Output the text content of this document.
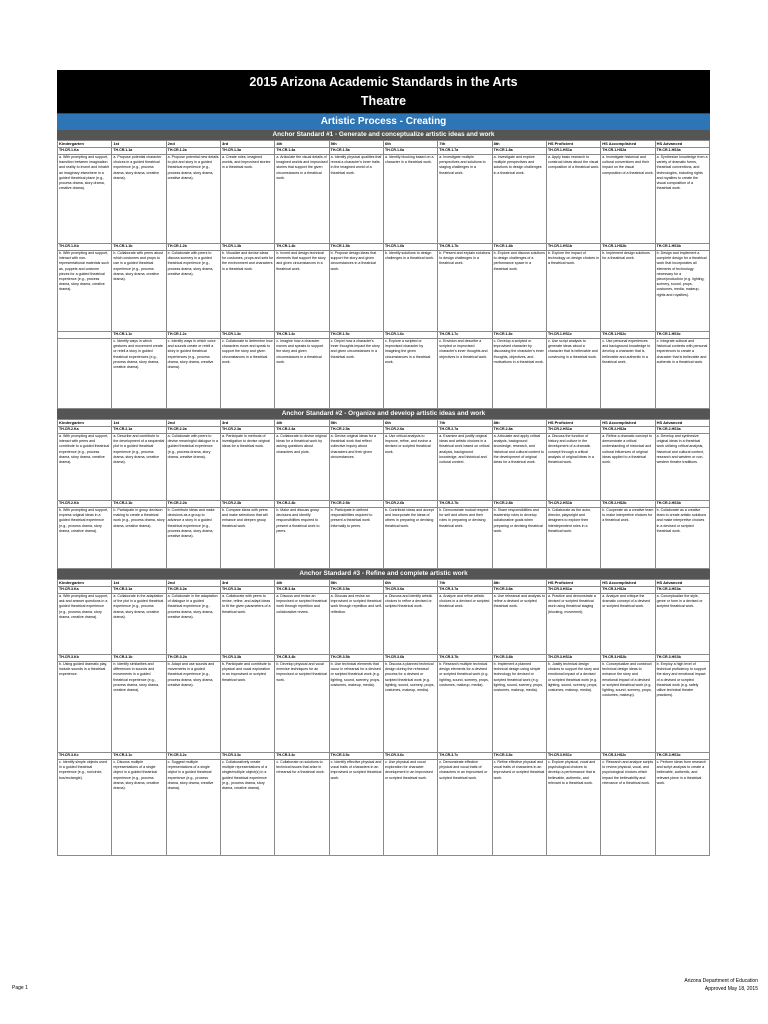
2015 Arizona Academic Standards in the Arts
Theatre
Artistic Process - Creating
Anchor Standard #1 - Generate and conceptualize artistic ideas and work
Kindergarten	1st	2nd	3rd	4th	5th	6th	7th	8th	HS Proficient	HS Accomplished	HS Advanced
TH.CR.1.Ka	TH.CR.1.1a	TH.CR.1.2a	TH.CR.1.3a	TH.CR.1.4a	TH.CR.1.5a	TH.CR.1.6a	TH.CR.1.7a	TH.CR.1.8a	TH.CR.1.HS1a	TH.CR.1.HS2a	TH.CR.1.HS3a
a. With prompting and support, transition between imagination and reality to invent and inhabit an imaginary elsewhere in a guided theatrical place (e.g., process drama, story drama, creative drama).	a. Propose potential character choices in a guided theatrical experience (e.g., process drama, story drama, creative drama).	a. Propose potential new details to plot and story in a guided theatrical experience (e.g., process drama, story drama, creative drama).	a. Create roles, imagined worlds, and improvised stories in a theatrical work.	a. Articulate the visual details of imagined worlds and improvised stories that support the given circumstances in a theatrical work.	a. Identify physical qualities that reveal a character's inner traits in the imagined world of a theatrical work.	a. Identify blocking based on a character in a theatrical work.	a. Investigate multiple perspectives and solutions to staging challenges in a theatrical work.	a. Investigate and explore multiple perspectives and solutions to design challenges in a theatrical work.	a. Apply basic research to construct ideas about the visual composition of a theatrical work.	a. Investigate historical and cultural conventions and their impact on the visual composition of a theatrical work.	a. Synthesize knowledge from a variety of dramatic forms, theatrical conventions, and technologies, including rights and royalties to create the visual composition of a theatrical work.
TH.CR.1.Kb	TH.CR.1.1b	TH.CR.1.2b	TH.CR.1.3b	TH.CR.1.4b	TH.CR.1.5b	TH.CR.1.6b	TH.CR.1.7b	TH.CR.1.8b	TH.CR.1.HS1b	TH.CR.1.HS2b	TH.CR.1.HS3b
b. With prompting and support, interact with non-representational materials such as, puppets and costume pieces for a guided theatrical experience (e.g., process drama, story drama, creative drama).	b. Collaborate with peers about which costumes and props to use in a guided theatrical experience (e.g., process drama, story drama, creative drama).	b. Collaborate with peers to discuss scenery in a guided theatrical experience (e.g., process drama, story drama, creative drama).	b. Visualize and devise ideas for costumes, props and sets for the environment and characters in a theatrical work.	b. Invent and design technical elements that support the story and given circumstances in a theatrical work.	b. Propose design ideas that support the story and given circumstances in a theatrical work.	b. Identify solutions to design challenges in a theatrical work.	b. Present and explain solutions to design challenges in a theatrical work.	b. Explore and discuss solutions to design challenges of a performance space in a theatrical work.	b. Explore the impact of technology on design choices in a theatrical work.	b. Implement design solutions for a theatrical work.	b. Design and implement a complete design for a theatrical work that incorporates all elements of technology necessary for a piece/production (e.g. lighting, scenery, sound, props, costumes, media, makeup, rights and royalties).
	TH.CR.1.1c	TH.CR.1.2c	TH.CR.1.3c	TH.CR.1.4c	TH.CR.1.5c	TH.CR.1.6c	TH.CR.1.7c	TH.CR.1.8c	TH.CR.1.HS1c	TH.CR.1.HS2c	TH.CR.1.HS3c
	c. Identify ways in which gestures and movement create or retell a story in guided theatrical experiences (e.g., process drama, story drama, creative drama).	c. Identify ways in which voice and sounds create or retell a story in guided theatrical experiences (e.g., process drama, story drama, creative drama).	c. Collaborate to determine how characters move and speak to support the story and given circumstances in a theatrical work.	c. Imagine how a character moves and speaks to support the story and given circumstances in a theatrical work.	c. Depict how a character's inner thoughts impact the story and given circumstances in a theatrical work.	c. Explore a scripted or improvised character by imagining the given circumstances in a theatrical work.	c. Envision and describe a scripted or improvised character's inner thoughts and objectives in a theatrical work.	c. Develop a scripted or improvised character by discussing the character's inner thoughts, objectives, and motivations in a theatrical work.	c. Use script analysis to generate ideas about a character that is believable and convincing in a theatrical work.	c. Use personal experiences and background knowledge to develop a character that is believable and authentic in a theatrical work.	c. Integrate cultural and historical contexts with personal experiences to create a character that is believable and authentic in a theatrical work.
Anchor Standard #2 - Organize and develop artistic ideas and work
Kindergarten	1st	2nd	3rd	4th	5th	6th	7th	8th	HS Proficient	HS Accomplished	HS Advanced
TH.CR.2.Ka	TH.CR.2.1a	TH.CR.2.2a	TH.CR.2.3a	TH.CR.2.4a	TH.CR.2.5a	TH.CR.2.6a	TH.CR.2.7a	TH.CR.2.8a	TH.CR.2.HS1a	TH.CR.2.HS2a	TH.CR.2.HS3a
a. With prompting and support, interact with peers and contribute to a guided theatrical experience (e.g., process drama, story drama, creative drama).	a. Describe and contribute to the development of a sequential plot in a guided theatrical experience (e.g., process drama, story drama, creative drama).	a. Collaborate with peers to devise meaningful dialogue in a guided theatrical experience (e.g., process drama, story drama, creative drama).	a. Participate in methods of investigation to devise original ideas for a theatrical work.	a. Collaborate to devise original ideas for a theatrical work by asking questions about characters and plots.	a. Devise original ideas for a theatrical work that reflect collective inquiry about characters and their given circumstances.	a. Use critical analysis to improve, refine, and evolve a devised or scripted theatrical work.	a. Examine and justify original ideas and artistic choices in a theatrical work based on critical analysis, background knowledge, and historical and cultural context.	a. Articulate and apply critical analysis, background knowledge, research, and historical and cultural context to the development of original ideas for a theatrical work.	a. Discuss the function of history and culture in the development of a dramatic concept through a critical analysis of original ideas in a theatrical work.	a. Refine a dramatic concept to demonstrate a critical understanding of historical and cultural influences of original ideas applied to a theatrical work.	a. Develop and synthesize original ideas in a theatrical work utilizing critical analysis, historical and cultural context, research and western or non-western theatre traditions.
TH.CR.2.Kb	TH.CR.2.1b	TH.CR.2.2b	TH.CR.2.3b	TH.CR.2.4b	TH.CR.2.5b	TH.CR.2.6b	TH.CR.2.7b	TH.CR.2.8b	TH.CR.2.HS1b	TH.CR.2.HS2b	TH.CR.2.HS3b
b. With prompting and support, express original ideas in a guided theatrical experience (e.g., process drama, story drama, creative drama).	b. Participate in group decision making to create a theatrical work (e.g., process drama, story drama, creative drama).	b. Contribute ideas and make decisions as a group to advance a story in a guided theatrical experience (e.g., process drama, story drama, creative drama).	b. Compare ideas with peers and make selections that will enhance and deepen group theatrical work.	b. Make and discuss group decisions and identify responsibilities required to present a theatrical work to peers.	b. Participate in defined responsibilities required to present a theatrical work informally to peers.	b. Contribute ideas and accept and incorporate the ideas of others in preparing or devising theatrical work.	b. Demonstrate mutual respect for self and others and their roles in preparing or devising theatrical work.	b. Share responsibilities and leadership roles to develop collaborative goals when preparing or devising theatrical work.	b. Collaborate as the actor, director, playwright and designers to explore their interdependent roles in a theatrical work.	b. Cooperate as a creative team to make interpretive choices for a theatrical work.	b. Collaborate as a creative team to create artistic solutions and make interpretive choices in a devised or scripted theatrical work.
Anchor Standard #3 - Refine and complete artistic work
Kindergarten	1st	2nd	3rd	4th	5th	6th	7th	8th	HS Proficient	HS Accomplished	HS Advanced
TH.CR.3.Ka	TH.CR.3.1a	TH.CR.3.2a	TH.CR.3.3a	TH.CR.3.4a	TH.CR.3.5a	TH.CR.3.6a	TH.CR.3.7a	TH.CR.3.8a	TH.CR.3.HS1a	TH.CR.3.HS2a	TH.CR.3.HS3a
a. With prompting and support, ask and answer questions in a guided theatrical experience (e.g., process drama, story drama, creative drama).	a. Collaborate in the adaptation of the plot in a guided theatrical experience (e.g., process drama, story drama, creative drama).	a. Collaborate in the adaptation of dialogue in a guided theatrical experience (e.g., process drama, story drama, creative drama).	a. Collaborate with peers to revise, refine, and adapt ideas to fit the given parameters of a theatrical work.	a. Discuss and revise an improvised or scripted theatrical work through repetition and collaborative review.	a. Discuss and revise an improvised or scripted theatrical work through repetition and self-reflection.	a. Discuss and identify artistic choices to refine a devised or scripted theatrical work.	a. Analyze and refine artistic choices in a devised or scripted theatrical work.	a. Use rehearsal and analysis to refine a devised or scripted theatrical work.	a. Practice and demonstrate a devised or scripted theatrical work using theatrical staging (blocking, movement).	a. Analyze and critique the dramatic concept of a devised or scripted theatrical work.	a. Conceptualize the style, genre or form in a devised or scripted theatrical work.
TH.CR.3.Kb	TH.CR.3.1b	TH.CR.3.2b	TH.CR.3.3b	TH.CR.3.4b	TH.CR.3.5b	TH.CR.3.6b	TH.CR.3.7b	TH.CR.3.8b	TH.CR.3.HS1b	TH.CR.3.HS2b	TH.CR.3.HS3b
b. Using guided dramatic play, include sounds in a theatrical experience.	b. Identify similarities and differences in sounds and movements in a guided theatrical experience (e.g., process drama, story drama, creative drama).	b. Adapt and use sounds and movements in a guided theatrical experience (e.g., process drama, story drama, creative drama).	b. Participate and contribute to physical and vocal exploration in an improvised or scripted theatrical work.	b. Develop physical and vocal exercise techniques for an improvised or scripted theatrical work.	b. Use technical elements that occur in rehearsal for a devised or scripted theatrical work (e.g. lighting, sound, scenery, props, costumes, makeup, media).	b. Discuss a planned technical design during the rehearsal process for a devised or scripted theatrical work (e.g. lighting, sound, scenery, props, costumes, makeup, media).	b. Research multiple technical design elements for a devised or scripted theatrical work (e.g. lighting, sound, scenery, props, costumes, makeup, media).	b. Implement a planned technical design using simple technology for devised or scripted theatrical work (e.g. lighting, sound, scenery, props, costumes, makeup, media).	b. Justify technical design choices to support the story and emotional impact of a devised or scripted theatrical work (e.g. lighting, sound, scenery, props, costumes, makeup, media).	b. Conceptualize and construct technical design ideas to enhance the story and emotional impact of a devised or scripted theatrical work (e.g. lighting, sound, scenery, props, costumes, makeup).	b. Employ a high level of technical proficiency to support the story and emotional impact of a devised or scripted theatrical work (e.g. safely utilize technical theatre practices).
TH.CR.3.Kc	TH.CR.3.1c	TH.CR.3.2c	TH.CR.3.3c	TH.CR.3.4c	TH.CR.3.5c	TH.CR.3.6c	TH.CR.3.7c	TH.CR.3.8c	TH.CR.3.HS1c	TH.CR.3.HS2c	TH.CR.3.HS3c
c. Identify simple objects used in a guided theatrical experience (e.g., run/circle, bus/rectangle).	c. Discuss multiple representations of a single object in a guided theatrical experience (e.g., process drama, story drama, creative drama).	c. Suggest multiple representations of a single object in a guided theatrical experience (e.g., process drama, story drama, creative drama).	c. Collaboratively create multiple representations of a single/multiple object(s) in a guided theatrical experience (e.g., process drama, story drama, creative drama).	c. Collaborate on solutions to technical issues that arise in rehearsal for a theatrical work.	c. Identify effective physical and vocal traits of characters in an improvised or scripted theatrical work.	c. Use physical and vocal exploration for character development in an improvised or scripted theatrical work.	c. Demonstrate effective physical and vocal traits of characters in an improvised or scripted theatrical work.	c. Refine effective physical and vocal traits of characters in an improvised or scripted theatrical work.	c. Explore physical, vocal and psychological choices to develop a performance that is believable, authentic, and relevant to a theatrical work.	c. Research and analyze scripts to review physical, vocal, and psychological choices which impact the believability and relevance of a theatrical work.	c. Perform ideas from research and script analysis to create a believable, authentic, and relevant piece in a theatrical work.
Page 1
Arizona Department of Education
Approved May 18, 2015
